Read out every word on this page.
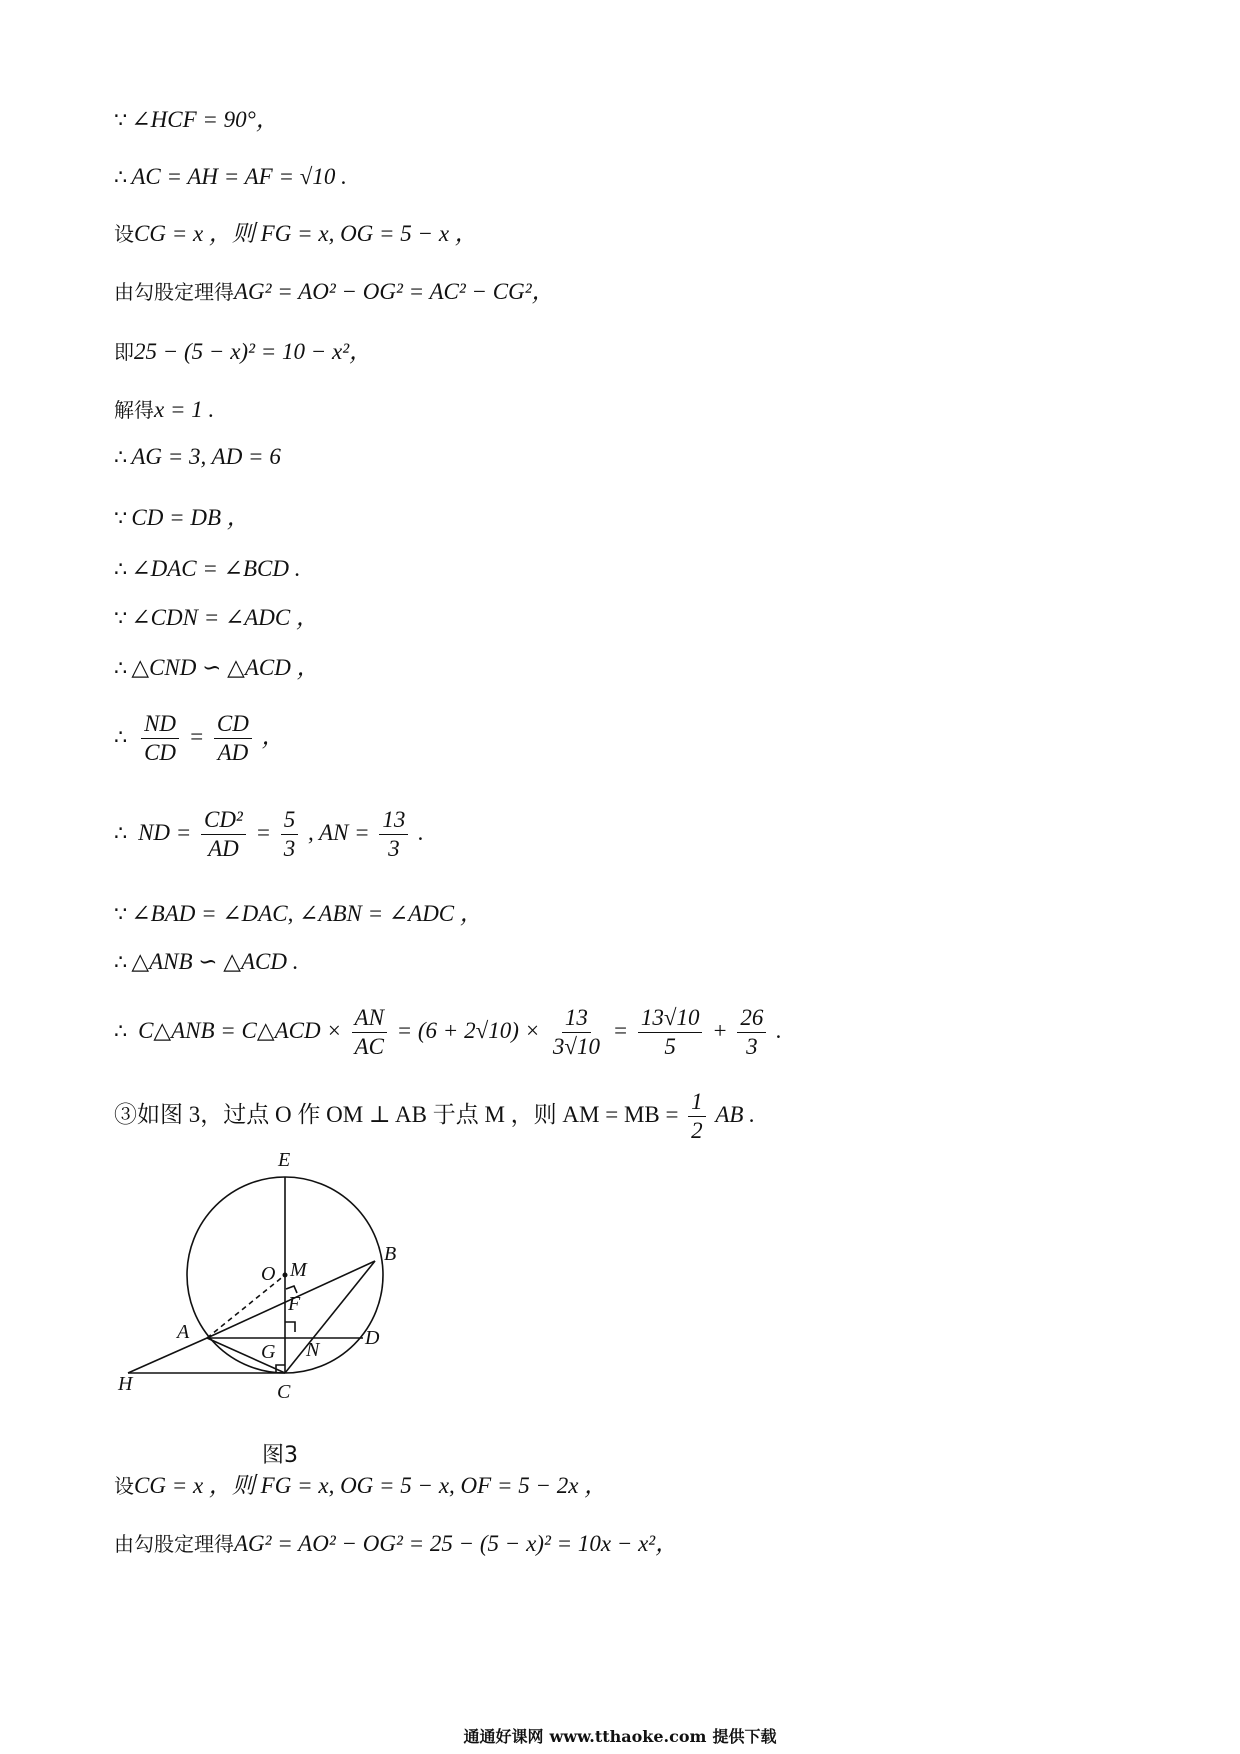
∵ ∠HCF = 90°，
∴ AC = AH = AF = √10 .
设CG = x ，则 FG = x, OG = 5 − x ，
由勾股定理得AG² = AO² − OG² = AC² − CG²，
即25 − (5 − x)² = 10 − x²，
解得x = 1 .
∴ AG = 3, AD = 6
∵ CD = DB ，
∴ ∠DAC = ∠BCD .
∵ ∠CDN = ∠ADC ，
∴ △CND ∽ △ACD ，
∴ $\frac{ND}{CD} = \frac{CD}{AD}$ ，
∴ ND = $\frac{\text{CD²}}{AD} = \frac{5}{3}$ , AN = $\frac{13}{3}$ .
∵ ∠BAD = ∠DAC, ∠ABN = ∠ADC ，
∴ △ANB ∽ △ACD .
∴ C△ANB = C△ACD × $\frac{AN}{AC} = (6 + 2√10) \times \frac{13}{3√10} = \frac{13√10}{5} + \frac{26}{3}$ .
③如图 3，过点 O 作 OM ⊥ AB 于点 M ，则 AM = MB = $\frac{1}{2}$ AB .
E
B
O M
F
A
G N
D
H	C
图3
设CG = x ，则 FG = x, OG = 5 − x, OF = 5 − 2x ，
由勾股定理得AG² = AO² − OG² = 25 − (5 − x)² = 10x − x²，
通通好课网 www.tthaoke.com 提供下载
